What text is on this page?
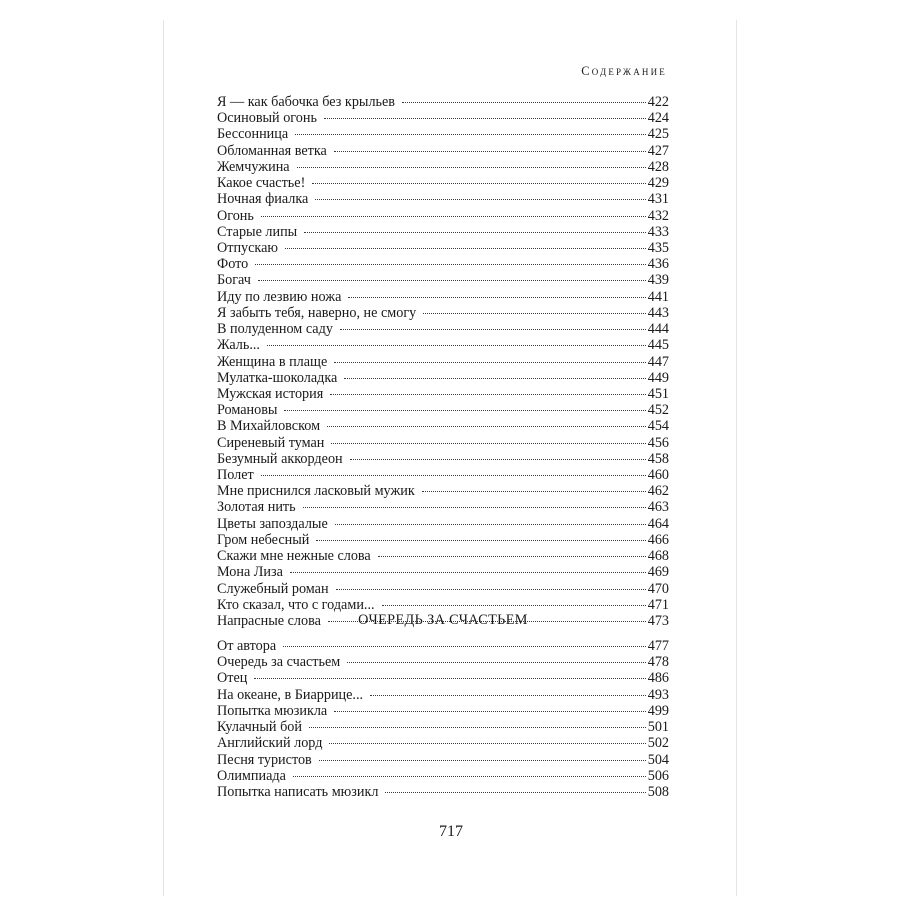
Содержание
Я — как бабочка без крыльев	422
Осиновый огонь	424
Бессонница	425
Обломанная ветка	427
Жемчужина	428
Какое счастье!	429
Ночная фиалка	431
Огонь	432
Старые липы	433
Отпускаю	435
Фото	436
Богач	439
Иду по лезвию ножа	441
Я забыть тебя, наверно, не смогу	443
В полуденном саду	444
Жаль...	445
Женщина в плаще	447
Мулатка-шоколадка	449
Мужская история	451
Романовы	452
В Михайловском	454
Сиреневый туман	456
Безумный аккордеон	458
Полет	460
Мне приснился ласковый мужик	462
Золотая нить	463
Цветы запоздалые	464
Гром небесный	466
Скажи мне нежные слова	468
Мона Лиза	469
Служебный роман	470
Кто сказал, что с годами...	471
Напрасные слова	473
ОЧЕРЕДЬ ЗА СЧАСТЬЕМ
От автора	477
Очередь за счастьем	478
Отец	486
На океане, в Биаррице...	493
Попытка мюзикла	499
Кулачный бой	501
Английский лорд	502
Песня туристов	504
Олимпиада	506
Попытка написать мюзикл	508
717
